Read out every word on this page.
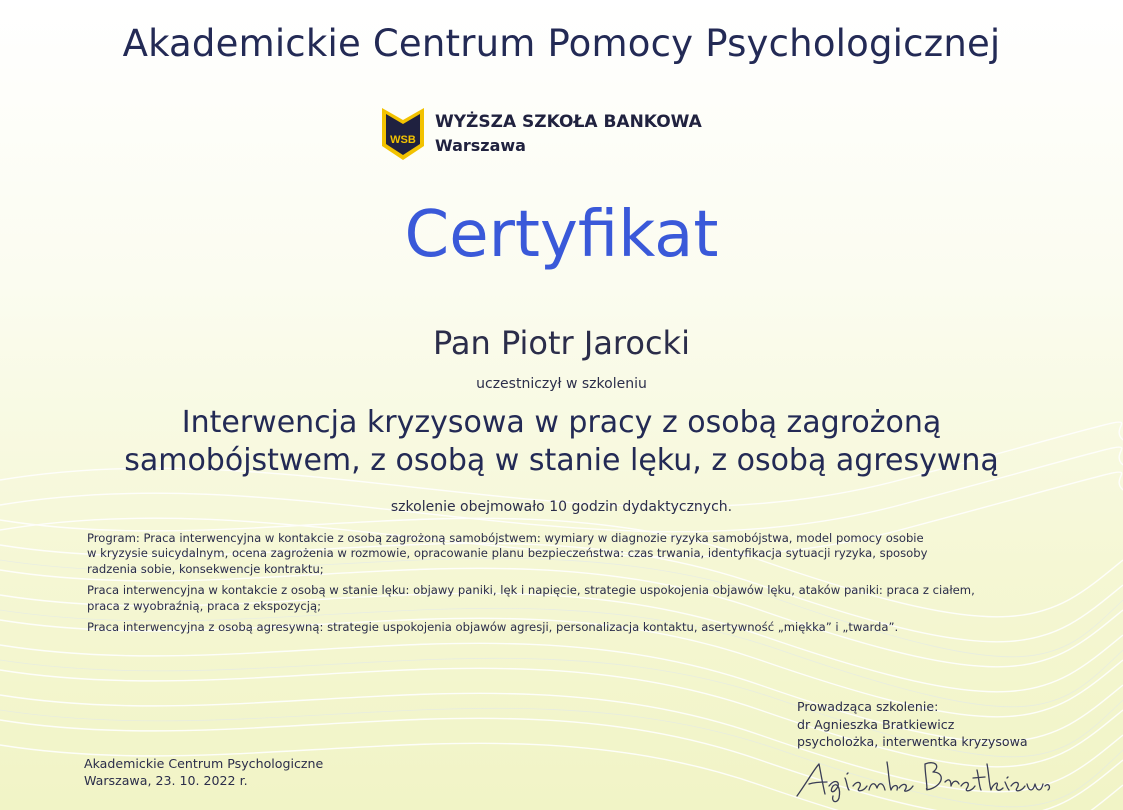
Akademickie Centrum Pomocy Psychologicznej
WSB
WYŻSZA SZKOŁA BANKOWA
Warszawa
Certyfikat
Pan Piotr Jarocki
uczestniczył w szkoleniu
Interwencja kryzysowa w pracy z osobą zagrożoną
samobójstwem, z osobą w stanie lęku, z osobą agresywną
szkolenie obejmowało 10 godzin dydaktycznych.

Program: Praca interwencyjna w kontakcie z osobą zagrożoną samobójstwem: wymiary w diagnozie ryzyka samobójstwa, model pomocy osobie
w kryzysie suicydalnym, ocena zagrożenia w rozmowie, opracowanie planu bezpieczeństwa: czas trwania, identyfikacja sytuacji ryzyka, sposoby
radzenia sobie, konsekwencje kontraktu;

Praca interwencyjna w kontakcie z osobą w stanie lęku: objawy paniki, lęk i napięcie, strategie uspokojenia objawów lęku, ataków paniki: praca z ciałem,
praca z wyobraźnią, praca z ekspozycją;

Praca interwencyjna z osobą agresywną: strategie uspokojenia objawów agresji, personalizacja kontaktu, asertywność „miękka” i „twarda”.

Prowadząca szkolenie:
dr Agnieszka Bratkiewicz
psycholożka, interwentka kryzysowa
Akademickie Centrum Psychologiczne
Warszawa, 23. 10. 2022 r.
